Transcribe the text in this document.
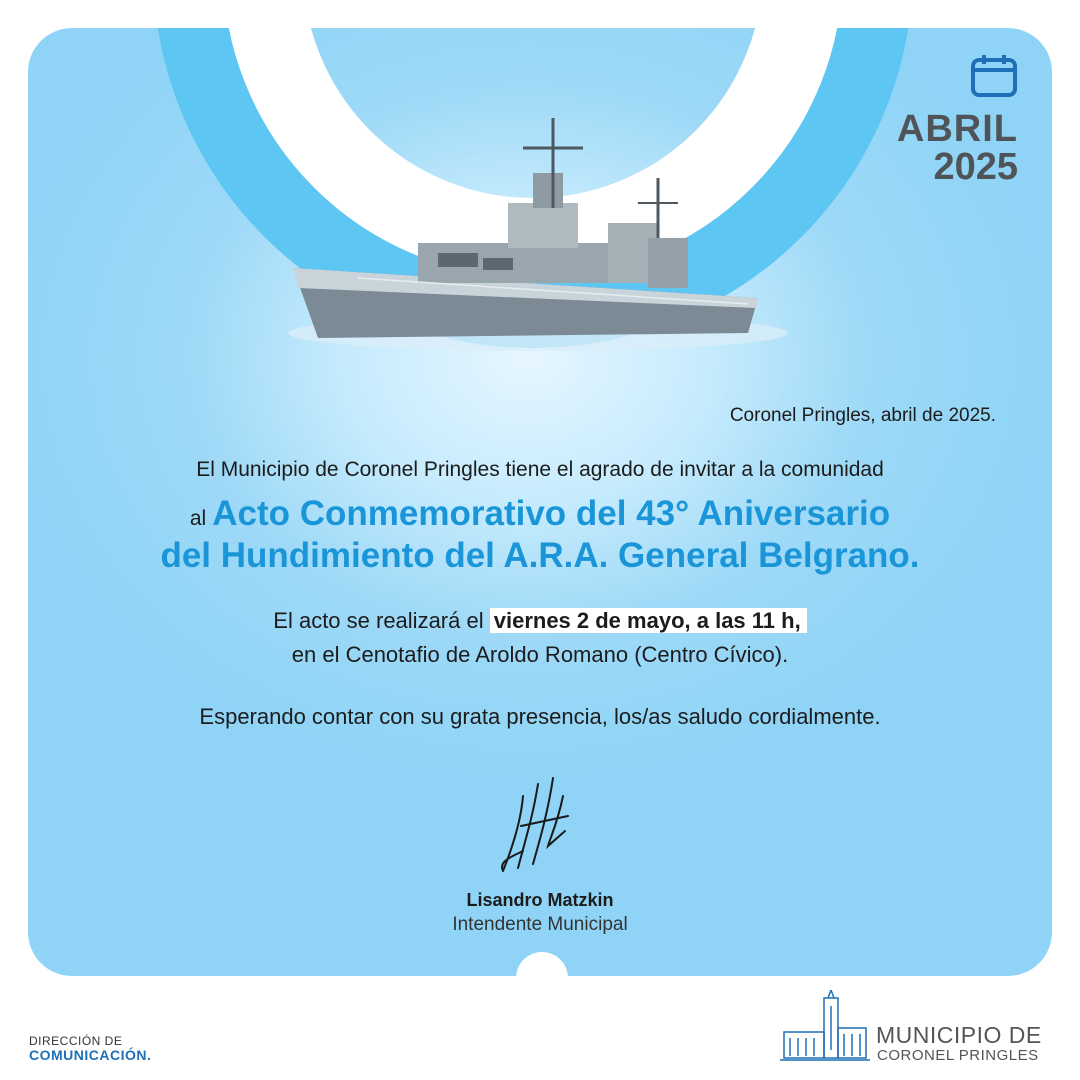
ABRIL
2025
Coronel Pringles, abril de 2025.
El Municipio de Coronel Pringles tiene el agrado de invitar a la comunidad
al Acto Conmemorativo del 43° Aniversario
del Hundimiento del A.R.A. General Belgrano.
El acto se realizará el viernes 2 de mayo, a las 11 h,
en el Cenotafio de Aroldo Romano (Centro Cívico).
Esperando contar con su grata presencia, los/as saludo cordialmente.
Lisandro Matzkin
Intendente Municipal
DIRECCIÓN DE
COMUNICACIÓN.
MUNICIPIO DE
CORONEL PRINGLES
